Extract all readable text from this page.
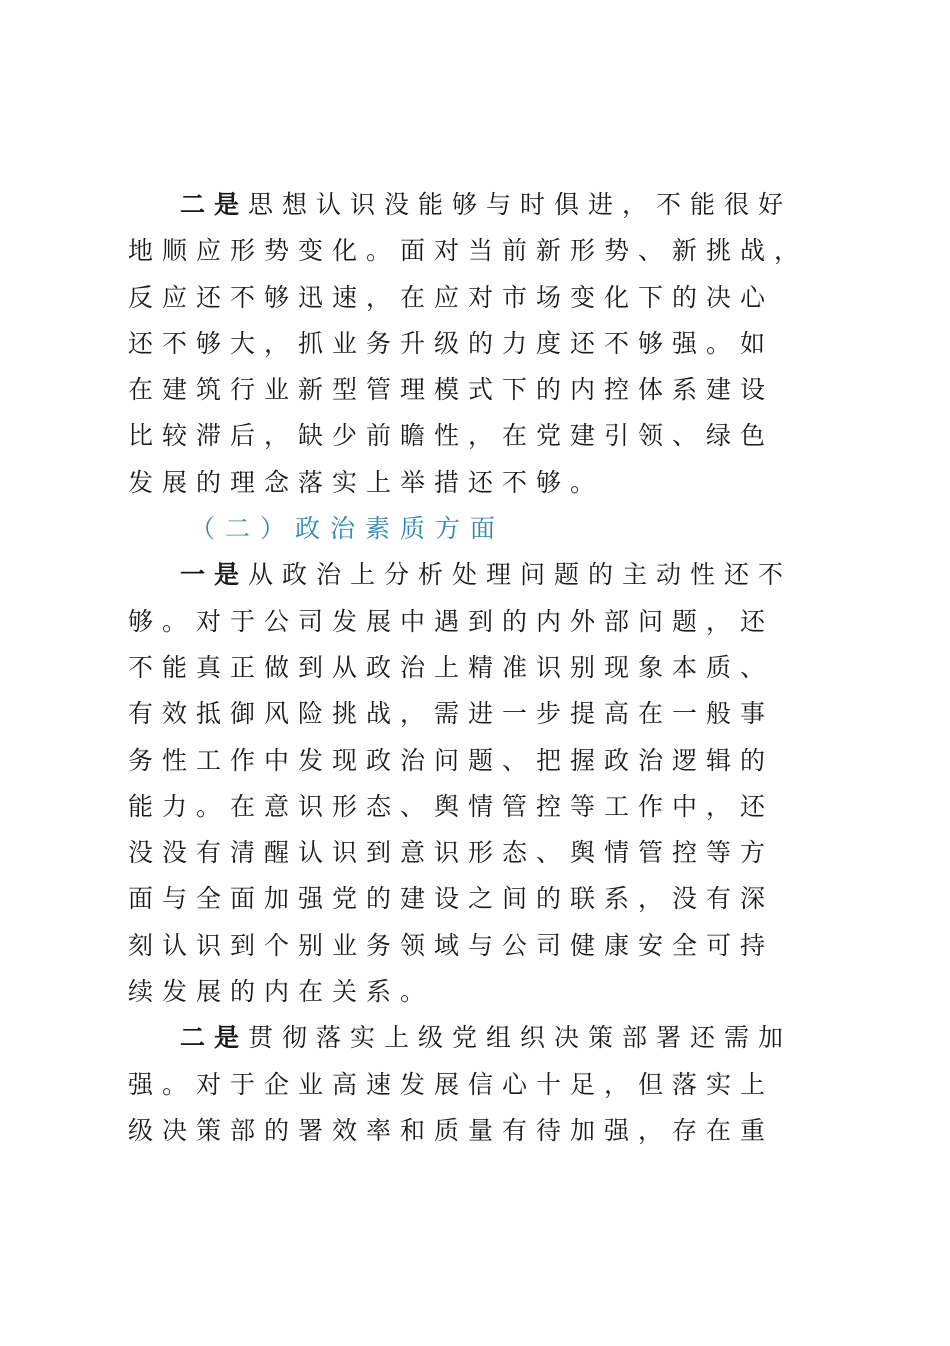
二是思想认识没能够与时俱进，不能很好
地顺应形势变化。面对当前新形势、新挑战，
反应还不够迅速，在应对市场变化下的决心
还不够大，抓业务升级的力度还不够强。如
在建筑行业新型管理模式下的内控体系建设
比较滞后，缺少前瞻性，在党建引领、绿色
发展的理念落实上举措还不够。
（二）政治素质方面
一是从政治上分析处理问题的主动性还不
够。对于公司发展中遇到的内外部问题，还
不能真正做到从政治上精准识别现象本质、
有效抵御风险挑战，需进一步提高在一般事
务性工作中发现政治问题、把握政治逻辑的
能力。在意识形态、舆情管控等工作中，还
没没有清醒认识到意识形态、舆情管控等方
面与全面加强党的建设之间的联系，没有深
刻认识到个别业务领域与公司健康安全可持
续发展的内在关系。
二是贯彻落实上级党组织决策部署还需加
强。对于企业高速发展信心十足，但落实上
级决策部的署效率和质量有待加强，存在重
